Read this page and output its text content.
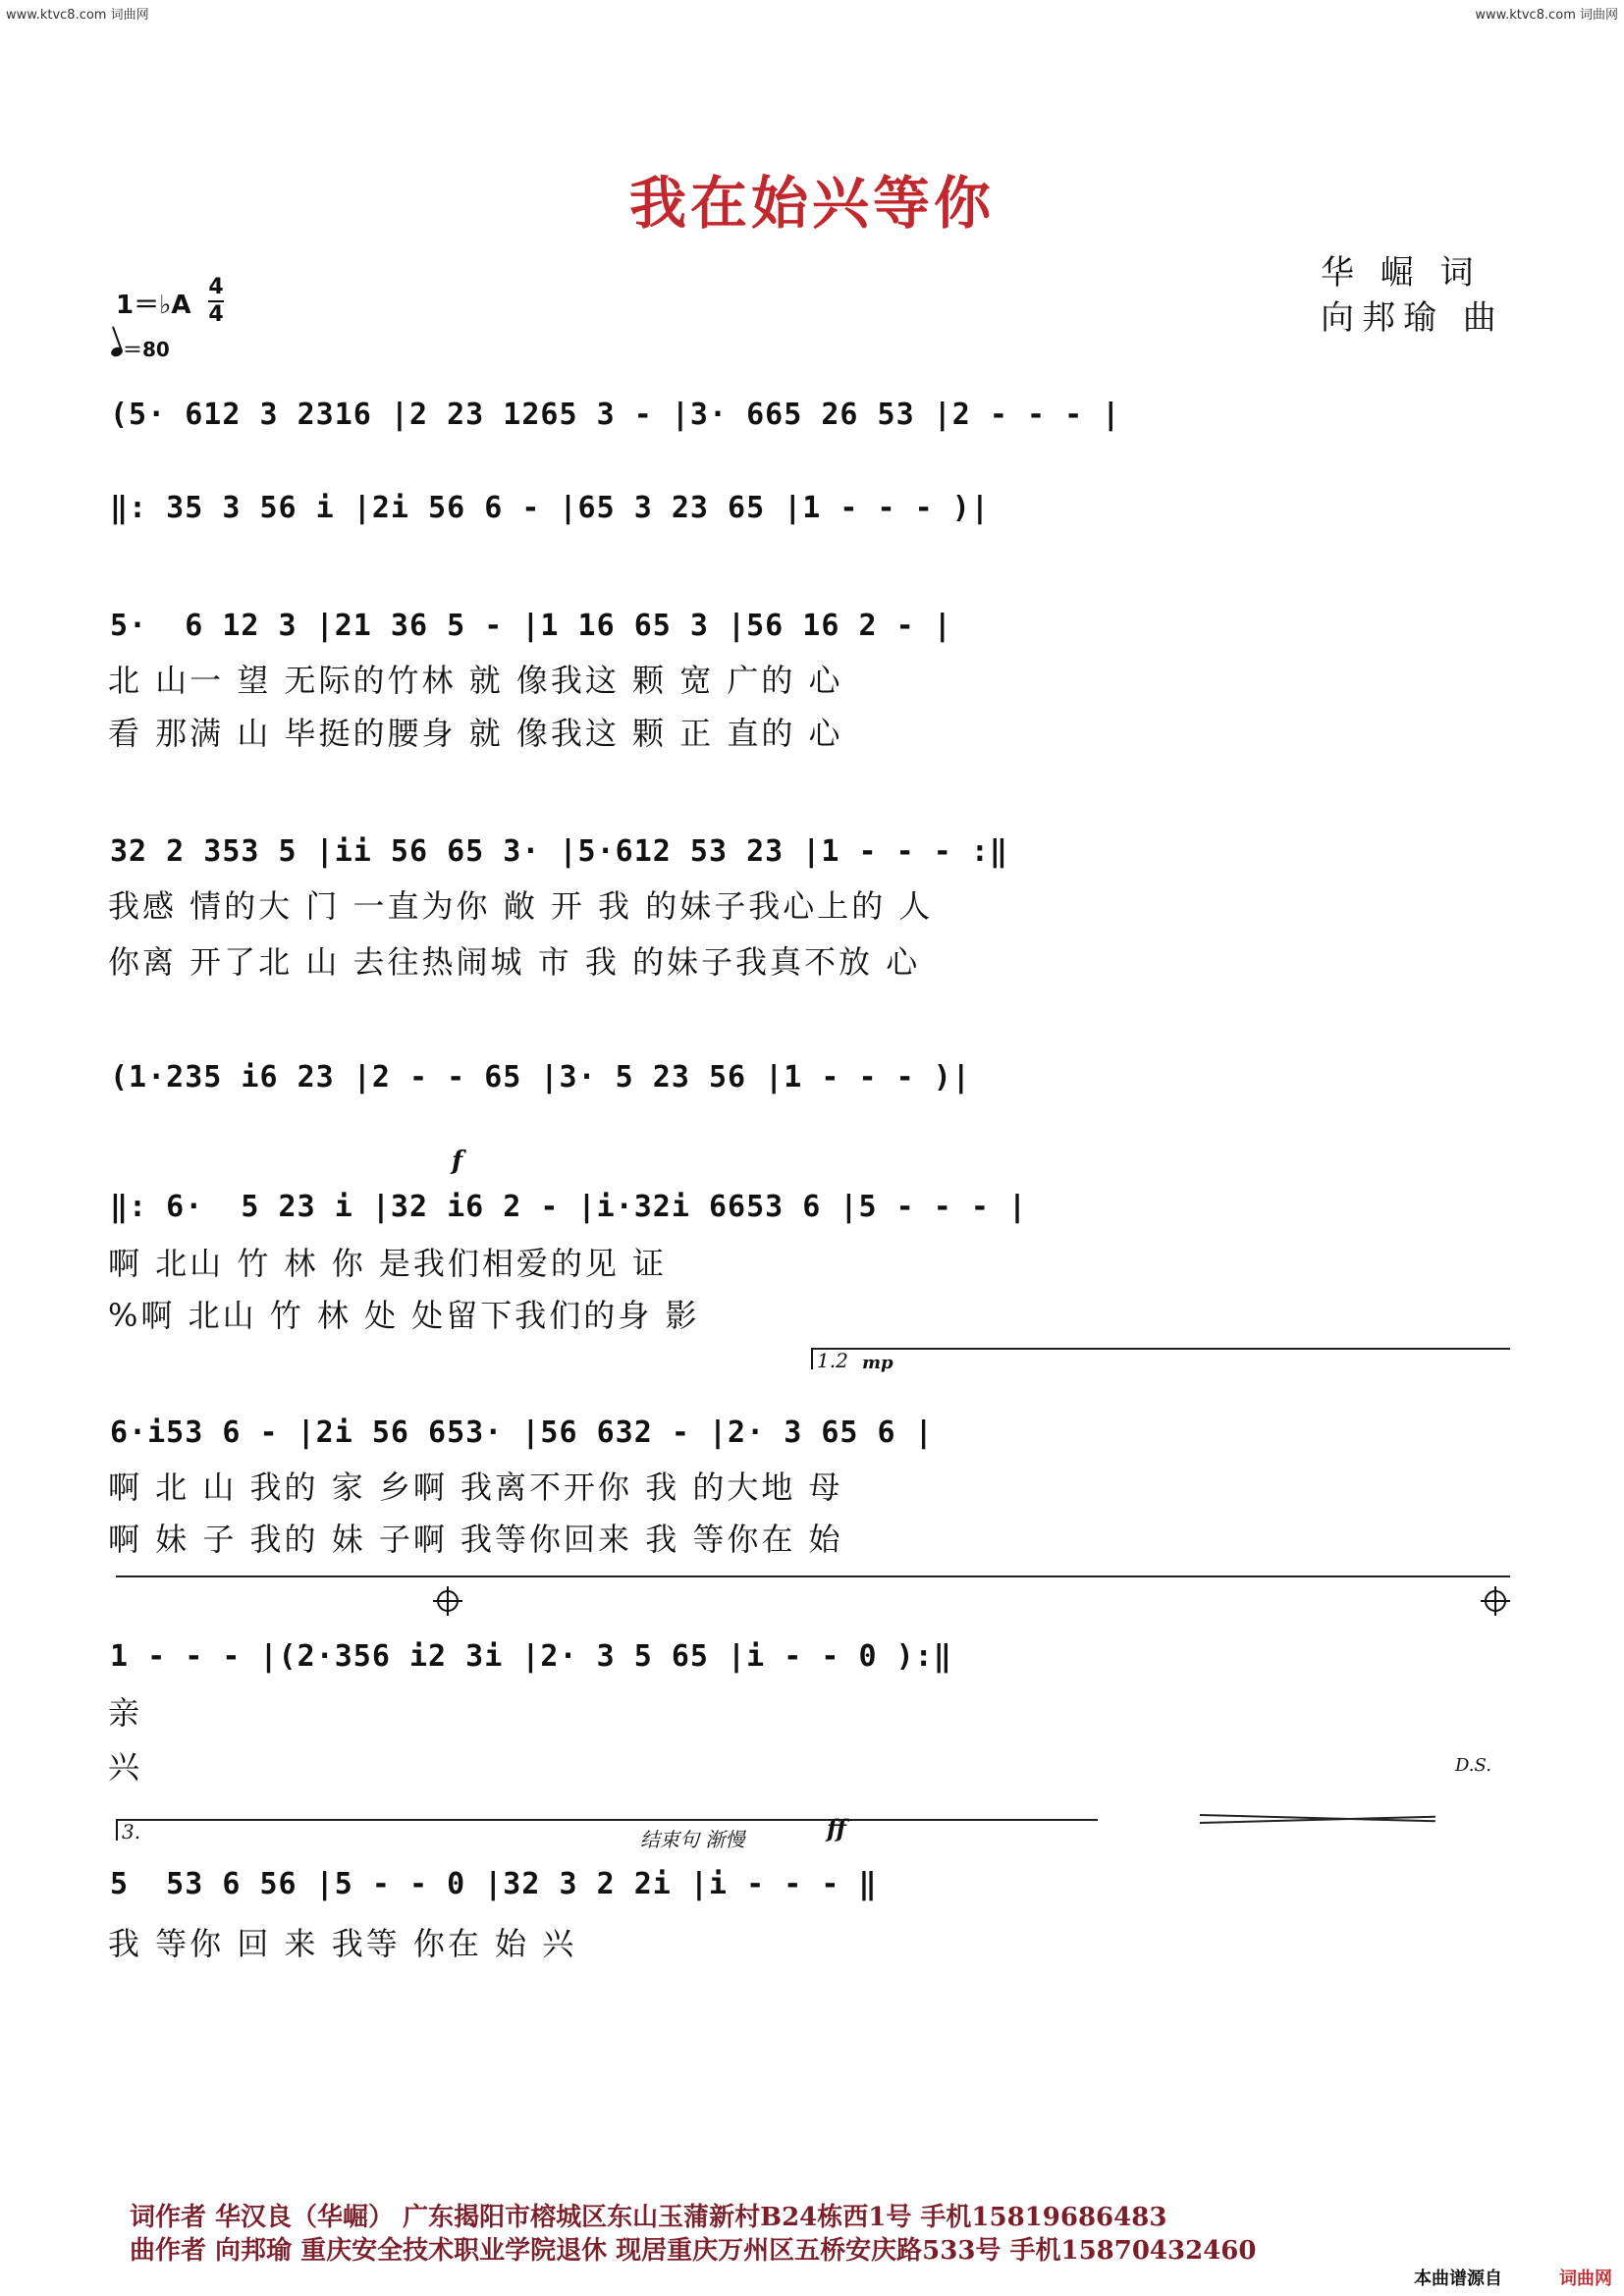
www.ktvc8.com 词曲网	www.ktvc8.com 词曲网
我在始兴等你
华 崛 词
向邦瑜 曲
1＝♭A
4
4
＝80
(5· 612 3 2316 |2 23 1265 3 - |3· 665 26 53 |2 - - - |
‖: 35 3 56 i |2i 56 6 - |65 3 23 65 |1 - - - )|
5·  6 12 3 |21 36 5 - |1 16 65 3 |56 16 2 - |
北 山一 望 无际的竹林 就 像我这 颗 宽 广的 心
看 那满 山 毕挺的腰身 就 像我这 颗 正 直的 心
32 2 353 5 |ii 56 65 3· |5·612 53 23 |1 - - - :‖
我感 情的大 门 一直为你 敞 开 我 的妹子我心上的 人
你离 开了北 山 去往热闹城 市 我 的妹子我真不放 心
(1·235 i6 23 |2 - - 65 |3· 5 23 56 |1 - - - )|
f
‖: 6·  5 23 i |32 i6 2 - |i·32i 6653 6 |5 - - - |
啊 北山 竹 林 你 是我们相爱的见 证
%啊 北山 竹 林 处 处留下我们的身 影
1.2 mp
6·i53 6 - |2i 56 653· |56 632 - |2· 3 65 6 |
啊 北 山 我的 家 乡啊 我离不开你 我 的大地 母
啊 妹 子 我的 妹 子啊 我等你回来 我 等你在 始
1 - - - |(2·356 i2 3i |2· 3 5 65 |i - - 0 ):‖
亲
兴	D.S.
3.	结束句 渐慢	ff
5  53 6 56 |5 - - 0 |32 3 2 2i |i - - - ‖
我 等你 回 来 我等 你在 始 兴
词作者 华汉良（华崛） 广东揭阳市榕城区东山玉蒲新村B24栋西1号 手机15819686483
曲作者 向邦瑜 重庆安全技术职业学院退休 现居重庆万州区五桥安庆路533号 手机15870432460
本曲谱源自	词曲网
